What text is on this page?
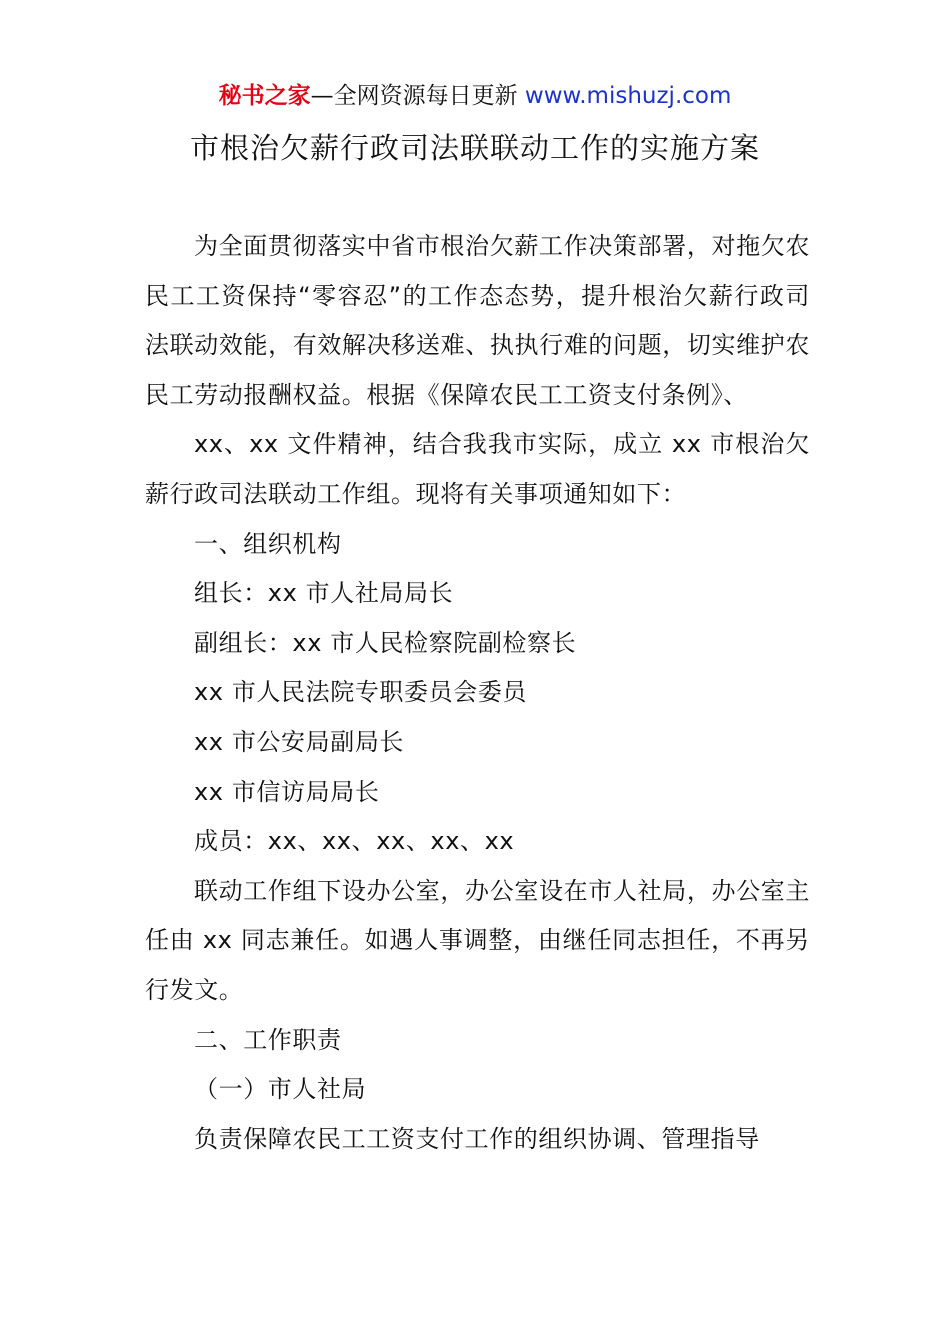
秘书之家—全网资源每日更新 www.mishuzj.com
市根治欠薪行政司法联联动工作的实施方案

为全面贯彻落实中省市根治欠薪工作决策部署，对拖欠农民工工资保持“零容忍”的工作态态势，提升根治欠薪行政司法联动效能，有效解决移送难、执执行难的问题，切实维护农民工劳动报酬权益。根据《保障农民工工资支付条例》、

xx、xx 文件精神，结合我我市实际，成立 xx 市根治欠薪行政司法联动工作组。现将有关事项通知如下：

一、组织机构

组长：xx 市人社局局长

副组长：xx 市人民检察院副检察长

xx 市人民法院专职委员会委员

xx 市公安局副局长

xx 市信访局局长

成员：xx、xx、xx、xx、xx

联动工作组下设办公室，办公室设在市人社局，办公室主任由 xx 同志兼任。如遇人事调整，由继任同志担任，不再另行发文。

二、工作职责

（一）市人社局

负责保障农民工工资支付工作的组织协调、管理指导
